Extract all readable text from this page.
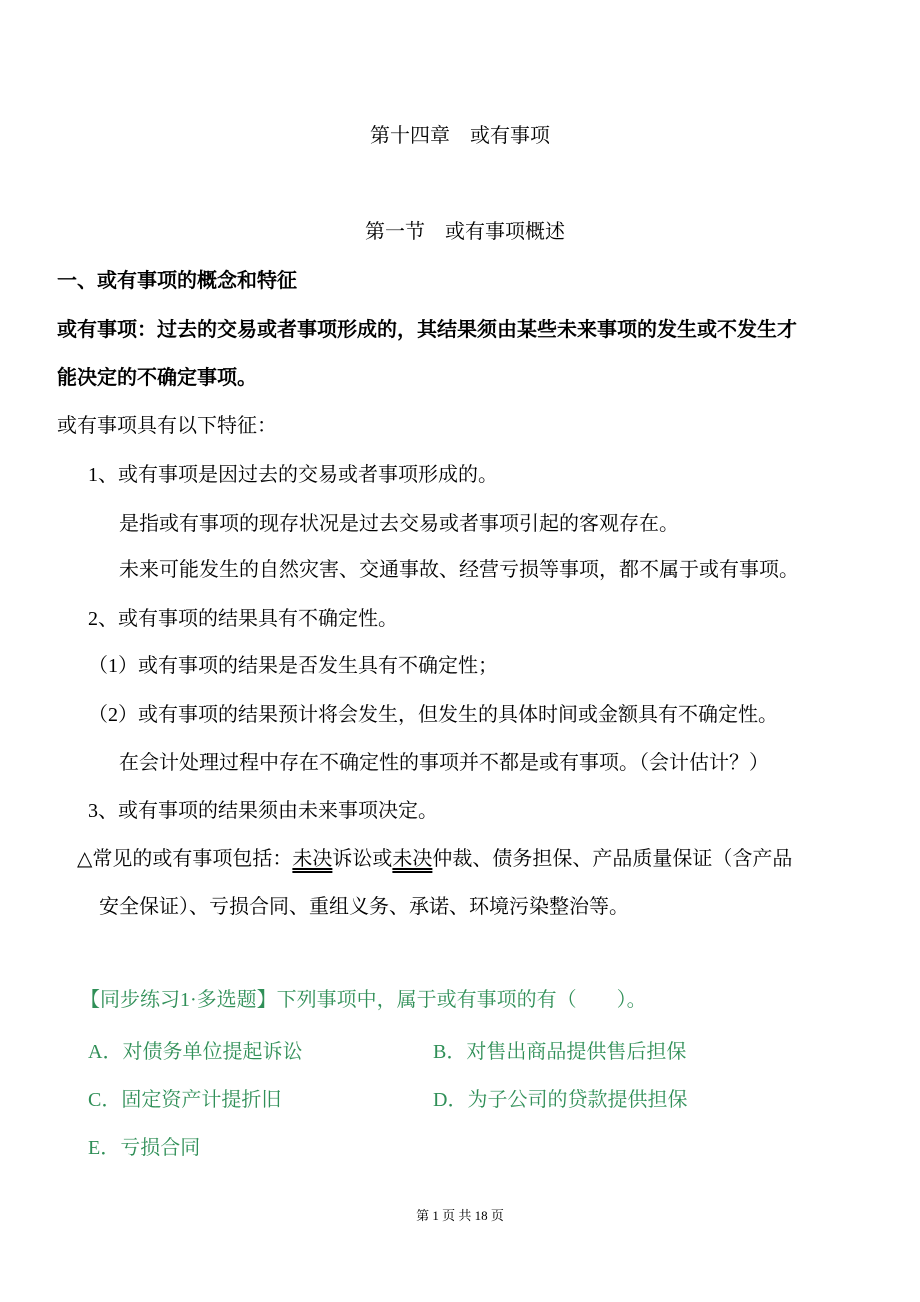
第十四章　或有事项
第一节　或有事项概述
一、或有事项的概念和特征
或有事项：过去的交易或者事项形成的，其结果须由某些未来事项的发生或不发生才
能决定的不确定事项。
或有事项具有以下特征：
1、或有事项是因过去的交易或者事项形成的。
是指或有事项的现存状况是过去交易或者事项引起的客观存在。
未来可能发生的自然灾害、交通事故、经营亏损等事项，都不属于或有事项。
2、或有事项的结果具有不确定性。
（1）或有事项的结果是否发生具有不确定性；
（2）或有事项的结果预计将会发生，但发生的具体时间或金额具有不确定性。
在会计处理过程中存在不确定性的事项并不都是或有事项。（会计估计？）
3、或有事项的结果须由未来事项决定。
△常见的或有事项包括：未决诉讼或未决仲裁、债务担保、产品质量保证（含产品
安全保证）、亏损合同、重组义务、承诺、环境污染整治等。
【同步练习1·多选题】下列事项中，属于或有事项的有（　　）。
A．对债务单位提起诉讼	B．对售出商品提供售后担保
C．固定资产计提折旧	D．为子公司的贷款提供担保
E．亏损合同
第 1 页 共 18 页
